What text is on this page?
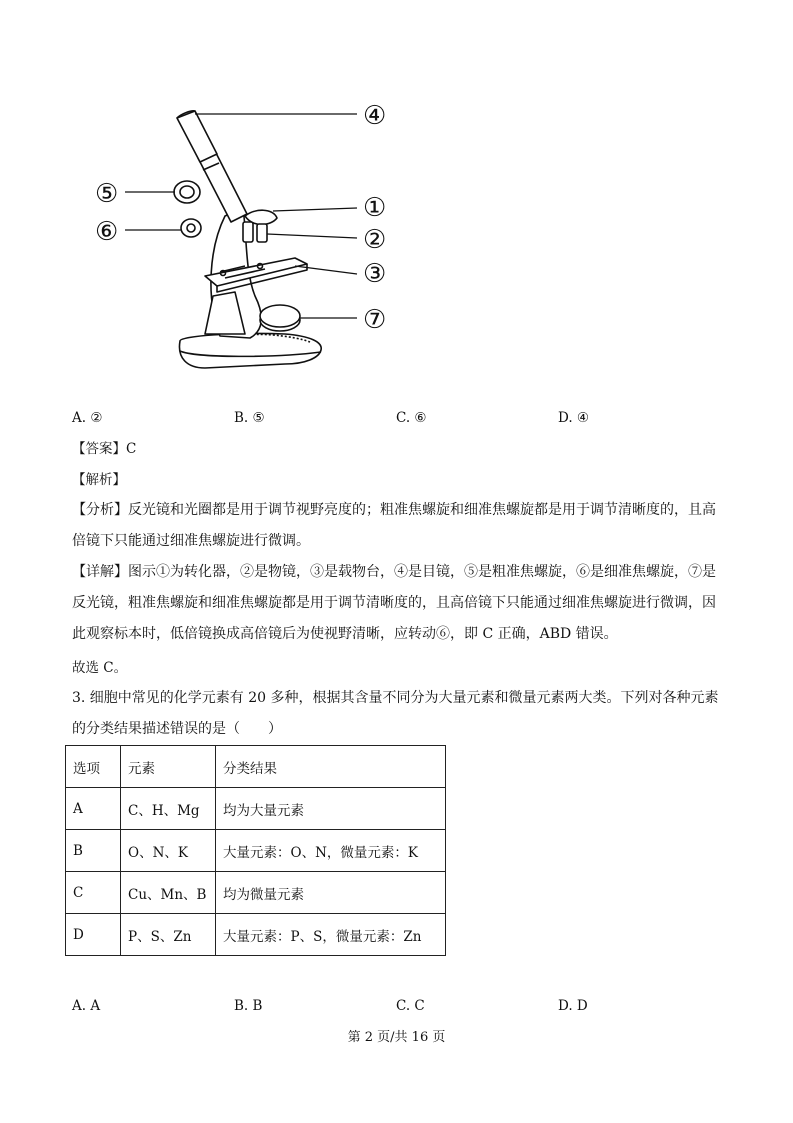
④
⑤
⑥
①
②
③
⑦
A. ②	B. ⑤	C. ⑥	D. ④
【答案】C
【解析】
【分析】反光镜和光圈都是用于调节视野亮度的；粗准焦螺旋和细准焦螺旋都是用于调节清晰度的，且高倍镜下只能通过细准焦螺旋进行微调。
【详解】图示①为转化器，②是物镜，③是载物台，④是目镜，⑤是粗准焦螺旋，⑥是细准焦螺旋，⑦是反光镜，粗准焦螺旋和细准焦螺旋都是用于调节清晰度的，且高倍镜下只能通过细准焦螺旋进行微调，因此观察标本时，低倍镜换成高倍镜后为使视野清晰，应转动⑥，即 C 正确，ABD 错误。
故选 C。
3. 细胞中常见的化学元素有 20 多种，根据其含量不同分为大量元素和微量元素两大类。下列对各种元素的分类结果描述错误的是（　　）
选项	元素	分类结果
A	C、H、Mg	均为大量元素
B	O、N、K	大量元素：O、N，微量元素：K
C	Cu、Mn、B	均为微量元素
D	P、S、Zn	大量元素：P、S，微量元素：Zn
A. A	B. B	C. C	D. D
第 2 页/共 16 页
